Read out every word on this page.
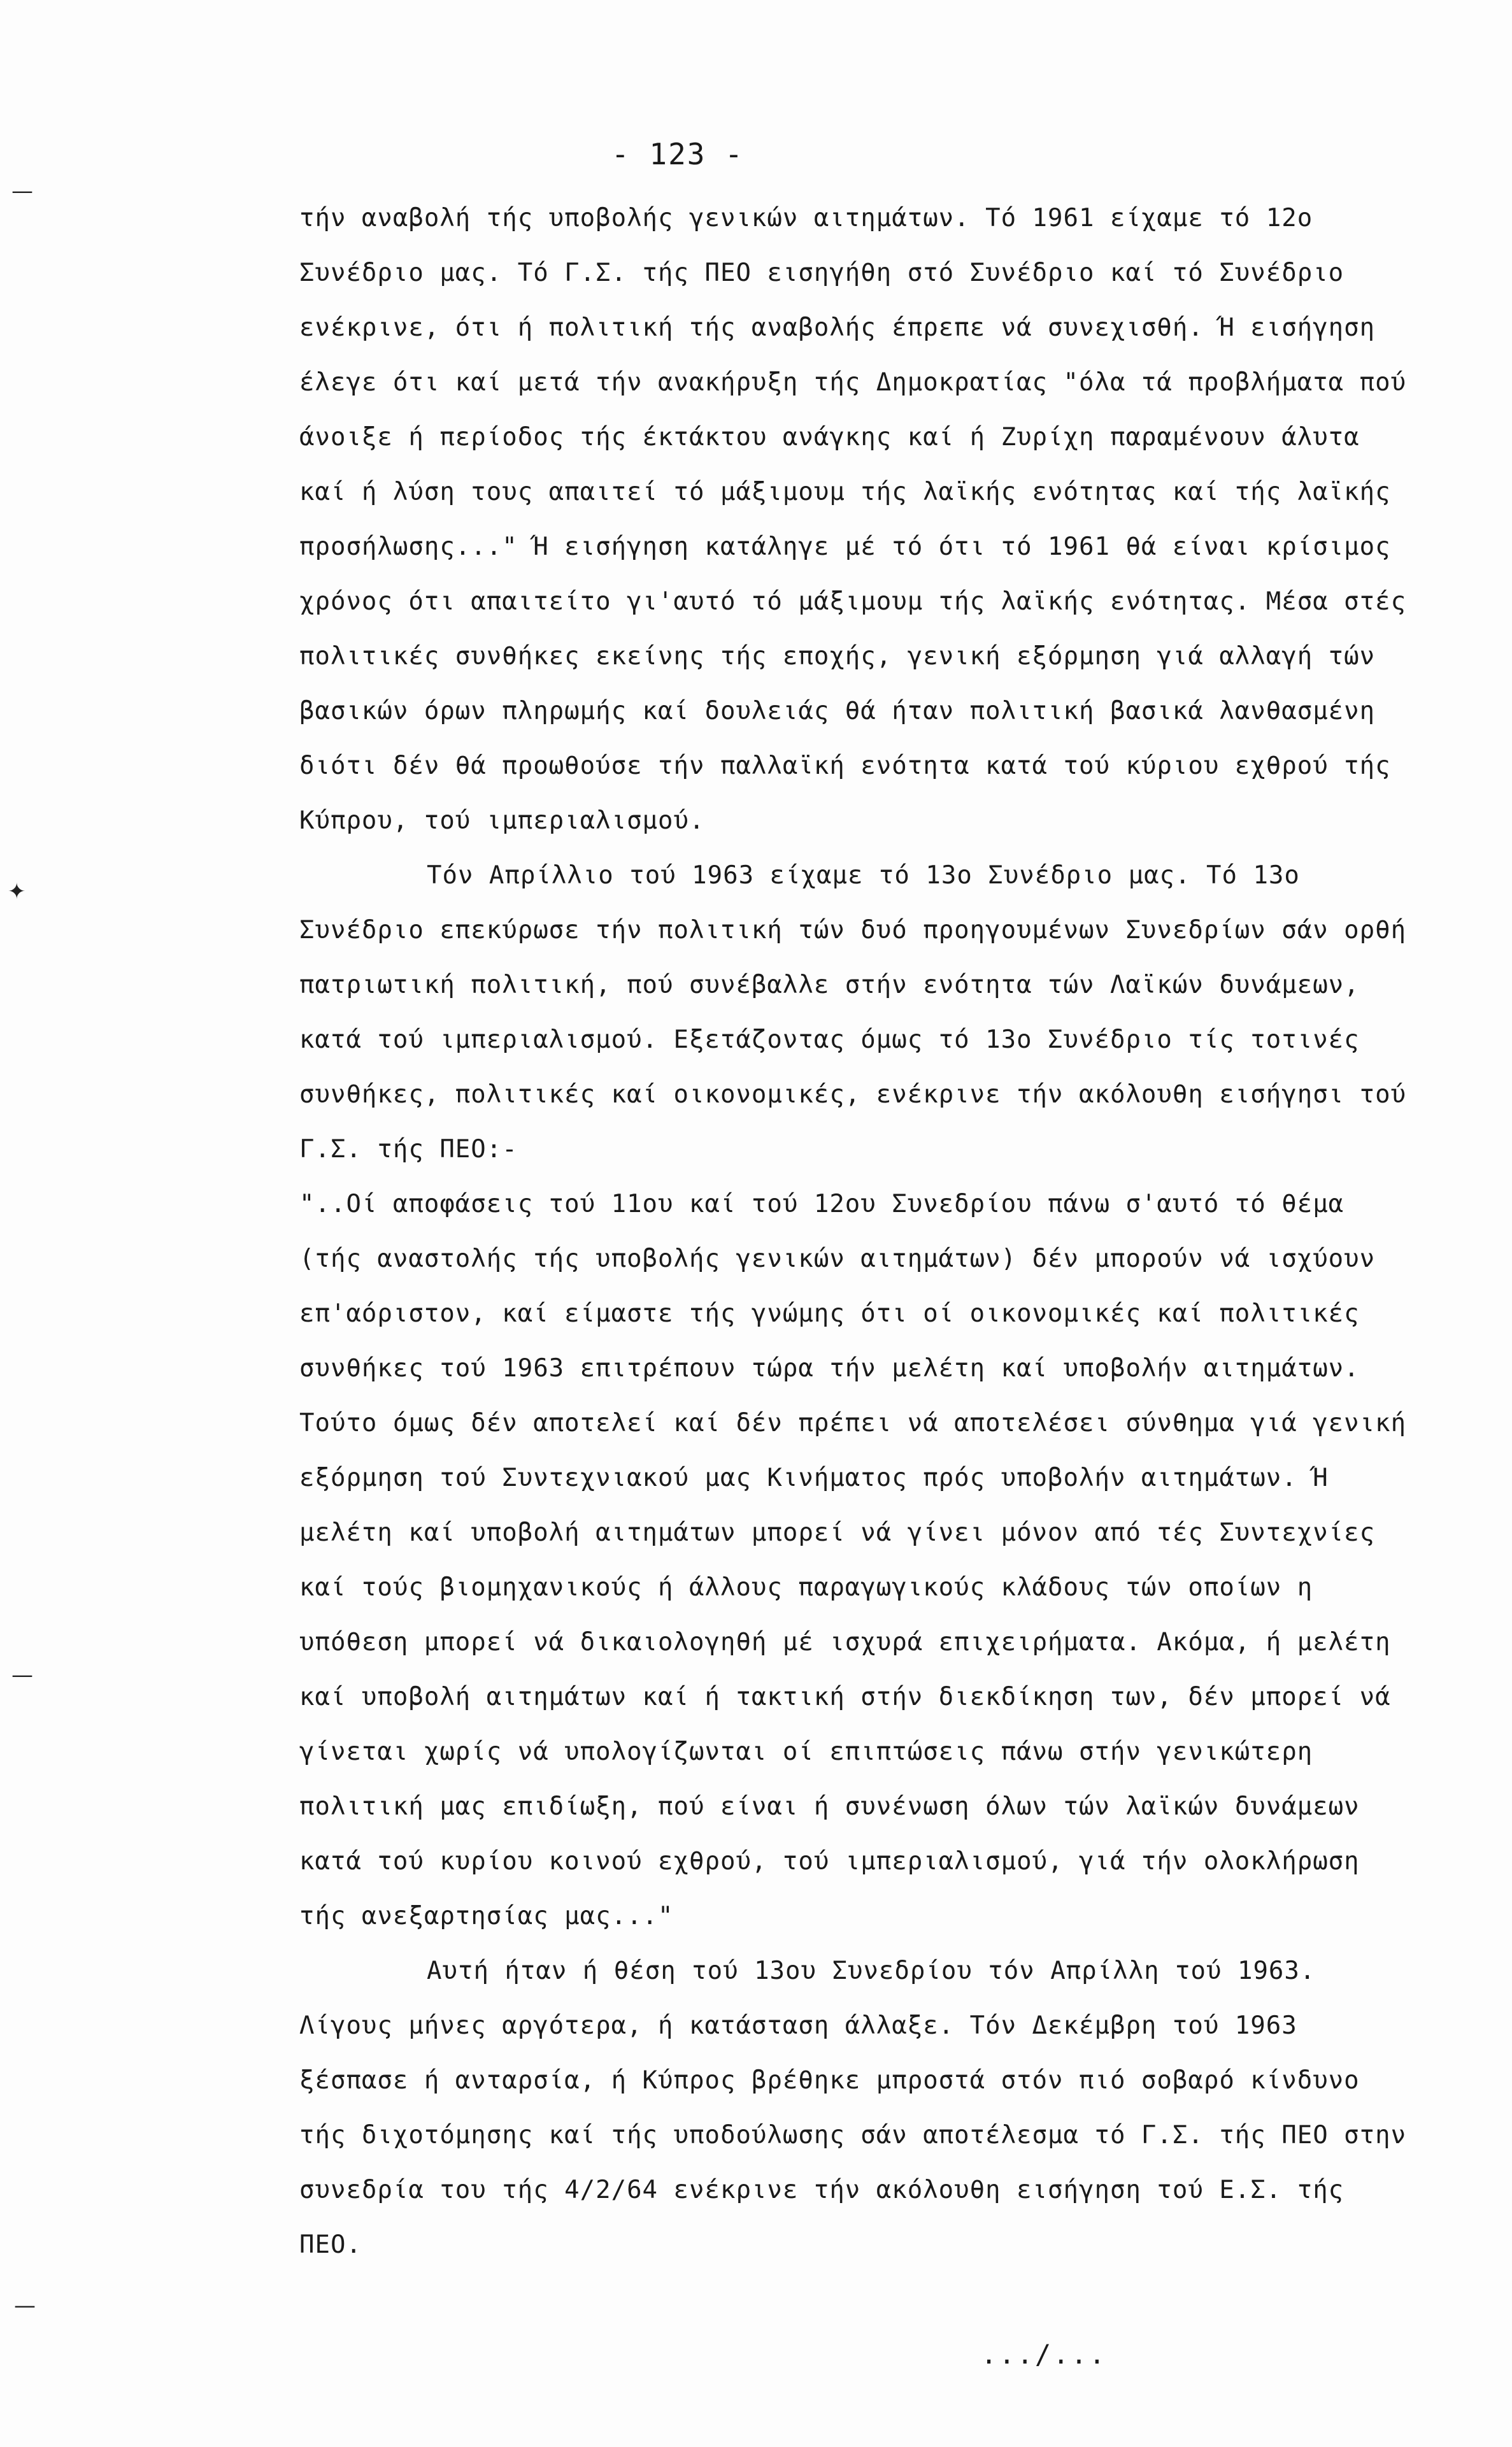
- 123 -

τήν αναβολή τής υποβολής γενικών αιτημάτων. Τό 1961 είχαμε τό 12ο Συνέδριο μας. Τό Γ.Σ. τής ΠΕΟ εισηγήθη στό Συνέδριο καί τό Συνέδριο ενέκρινε, ότι ή πολιτική τής αναβολής έπρεπε νά συνεχισθή. Ή εισήγηση έλεγε ότι καί μετά τήν ανακήρυξη τής Δημοκρατίας "όλα τά προβλήματα πού άνοιξε ή περίοδος τής έκτάκτου ανάγκης καί ή Ζυρίχη παραμένουν άλυτα καί ή λύση τους απαιτεί τό μάξιμουμ τής λαϊκής ενότητας καί τής λαϊκής προσήλωσης..." Ή εισήγηση κατάληγε μέ τό ότι τό 1961 θά είναι κρίσιμος χρόνος ότι απαιτείτο γι'αυτό τό μάξιμουμ τής λαϊκής ενότητας. Μέσα στές πολιτικές συνθήκες εκείνης τής εποχής, γενική εξόρμηση γιά αλλαγή τών βασικών όρων πληρωμής καί δουλειάς θά ήταν πολιτική βασικά λανθασμένη διότι δέν θά προωθούσε τήν παλλαϊκή ενότητα κατά τού κύριου εχθρού τής Κύπρου, τού ιμπεριαλισμού.

Τόν Απρίλλιο τού 1963 είχαμε τό 13ο Συνέδριο μας. Τό 13ο Συνέδριο επεκύρωσε τήν πολιτική τών δυό προηγουμένων Συνεδρίων σάν ορθή πατριωτική πολιτική, πού συνέβαλλε στήν ενότητα τών Λαϊκών δυνάμεων, κατά τού ιμπεριαλισμού. Εξετάζοντας όμως τό 13ο Συνέδριο τίς τοτινές συνθήκες, πολιτικές καί οικονομικές, ενέκρινε τήν ακόλουθη εισήγησι τού Γ.Σ. τής ΠΕΟ:-

"..Οί αποφάσεις τού 11ου καί τού 12ου Συνεδρίου πάνω σ'αυτό τό θέμα (τής αναστολής τής υποβολής γενικών αιτημάτων) δέν μπορούν νά ισχύουν επ'αόριστον, καί είμαστε τής γνώμης ότι οί οικονομικές καί πολιτικές συνθήκες τού 1963 επιτρέπουν τώρα τήν μελέτη καί υποβολήν αιτημάτων. Τούτο όμως δέν αποτελεί καί δέν πρέπει νά αποτελέσει σύνθημα γιά γενική εξόρμηση τού Συντεχνιακού μας Κινήματος πρός υποβολήν αιτημάτων. Ή μελέτη καί υποβολή αιτημάτων μπορεί νά γίνει μόνον από τές Συντεχνίες καί τούς βιομηχανικούς ή άλλους παραγωγικούς κλάδους τών οποίων η υπόθεση μπορεί νά δικαιολογηθή μέ ισχυρά επιχειρήματα. Ακόμα, ή μελέτη καί υποβολή αιτημάτων καί ή τακτική στήν διεκδίκηση των, δέν μπορεί νά γίνεται χωρίς νά υπολογίζωνται οί επιπτώσεις πάνω στήν γενικώτερη πολιτική μας επιδίωξη, πού είναι ή συνένωση όλων τών λαϊκών δυνάμεων κατά τού κυρίου κοινού εχθρού, τού ιμπεριαλισμού, γιά τήν ολοκλήρωση τής ανεξαρτησίας μας..."

Αυτή ήταν ή θέση τού 13ου Συνεδρίου τόν Απρίλλη τού 1963. Λίγους μήνες αργότερα, ή κατάσταση άλλαξε. Τόν Δεκέμβρη τού 1963 ξέσπασε ή ανταρσία, ή Κύπρος βρέθηκε μπροστά στόν πιό σοβαρό κίνδυνο τής διχοτόμησης καί τής υποδούλωσης σάν αποτέλεσμα τό Γ.Σ. τής ΠΕΟ στην συνεδρία του τής 4/2/64 ενέκρινε τήν ακόλουθη εισήγηση τού Ε.Σ. τής ΠΕΟ.

.../...
—
✦
—
—
